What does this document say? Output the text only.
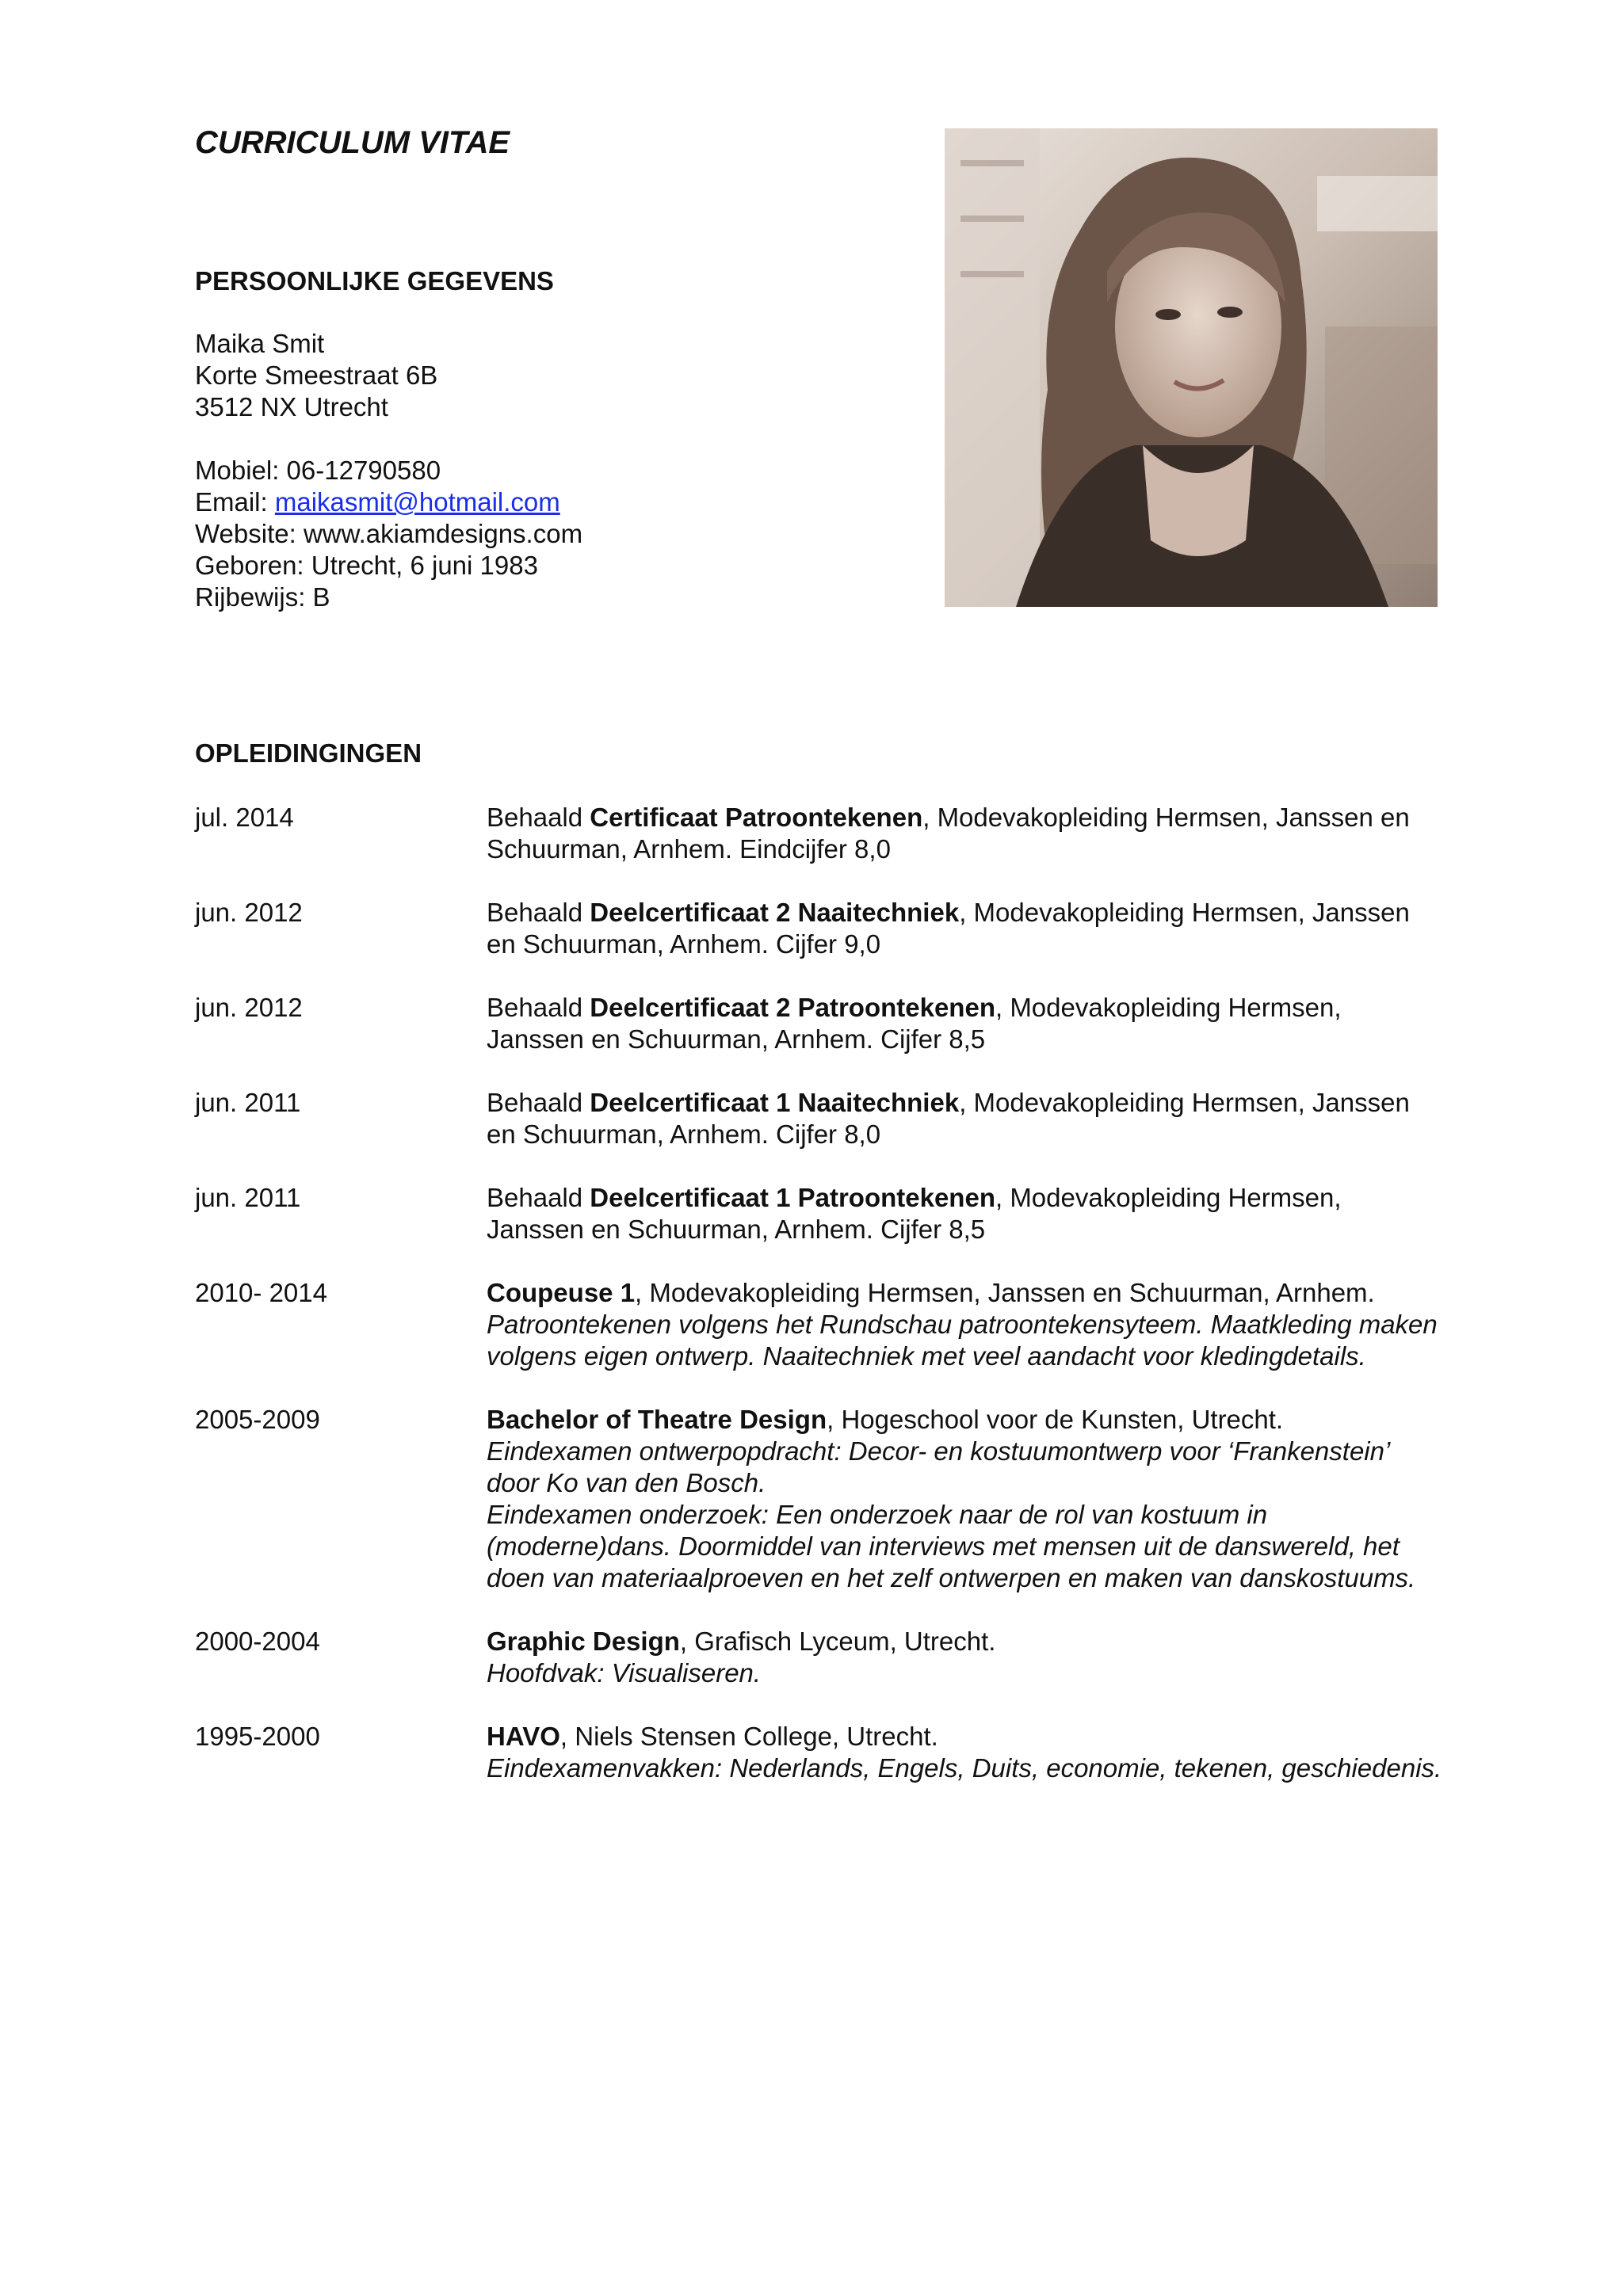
CURRICULUM VITAE
PERSOONLIJKE GEGEVENS
Maika Smit
Korte Smeestraat 6B
3512 NX Utrecht
Mobiel: 06-12790580
Email: maikasmit@hotmail.com
Website: www.akiamdesigns.com
Geboren: Utrecht, 6 juni 1983
Rijbewijs: B
OPLEIDINGINGEN
jul. 2014	Behaald Certificaat Patroontekenen, Modevakopleiding Hermsen, Janssen en Schuurman, Arnhem. Eindcijfer 8,0
jun. 2012	Behaald Deelcertificaat 2 Naaitechniek, Modevakopleiding Hermsen, Janssen en Schuurman, Arnhem. Cijfer 9,0
jun. 2012	Behaald Deelcertificaat 2 Patroontekenen, Modevakopleiding Hermsen, Janssen en Schuurman, Arnhem. Cijfer 8,5
jun. 2011	Behaald Deelcertificaat 1 Naaitechniek, Modevakopleiding Hermsen, Janssen en Schuurman, Arnhem. Cijfer 8,0
jun. 2011	Behaald Deelcertificaat 1 Patroontekenen, Modevakopleiding Hermsen, Janssen en Schuurman, Arnhem. Cijfer 8,5
2010- 2014	Coupeuse 1, Modevakopleiding Hermsen, Janssen en Schuurman, Arnhem.
Patroontekenen volgens het Rundschau patroontekensyteem. Maatkleding maken volgens eigen ontwerp. Naaitechniek met veel aandacht voor kledingdetails.
2005-2009	Bachelor of Theatre Design, Hogeschool voor de Kunsten, Utrecht.
Eindexamen ontwerpopdracht: Decor- en kostuumontwerp voor ‘Frankenstein’ door Ko van den Bosch.
Eindexamen onderzoek: Een onderzoek naar de rol van kostuum in (moderne)dans. Doormiddel van interviews met mensen uit de danswereld, het doen van materiaalproeven en het zelf ontwerpen en maken van danskostuums.
2000-2004	Graphic Design, Grafisch Lyceum, Utrecht.
Hoofdvak: Visualiseren.
1995-2000	HAVO, Niels Stensen College, Utrecht.
Eindexamenvakken: Nederlands, Engels, Duits, economie, tekenen, geschiedenis.
